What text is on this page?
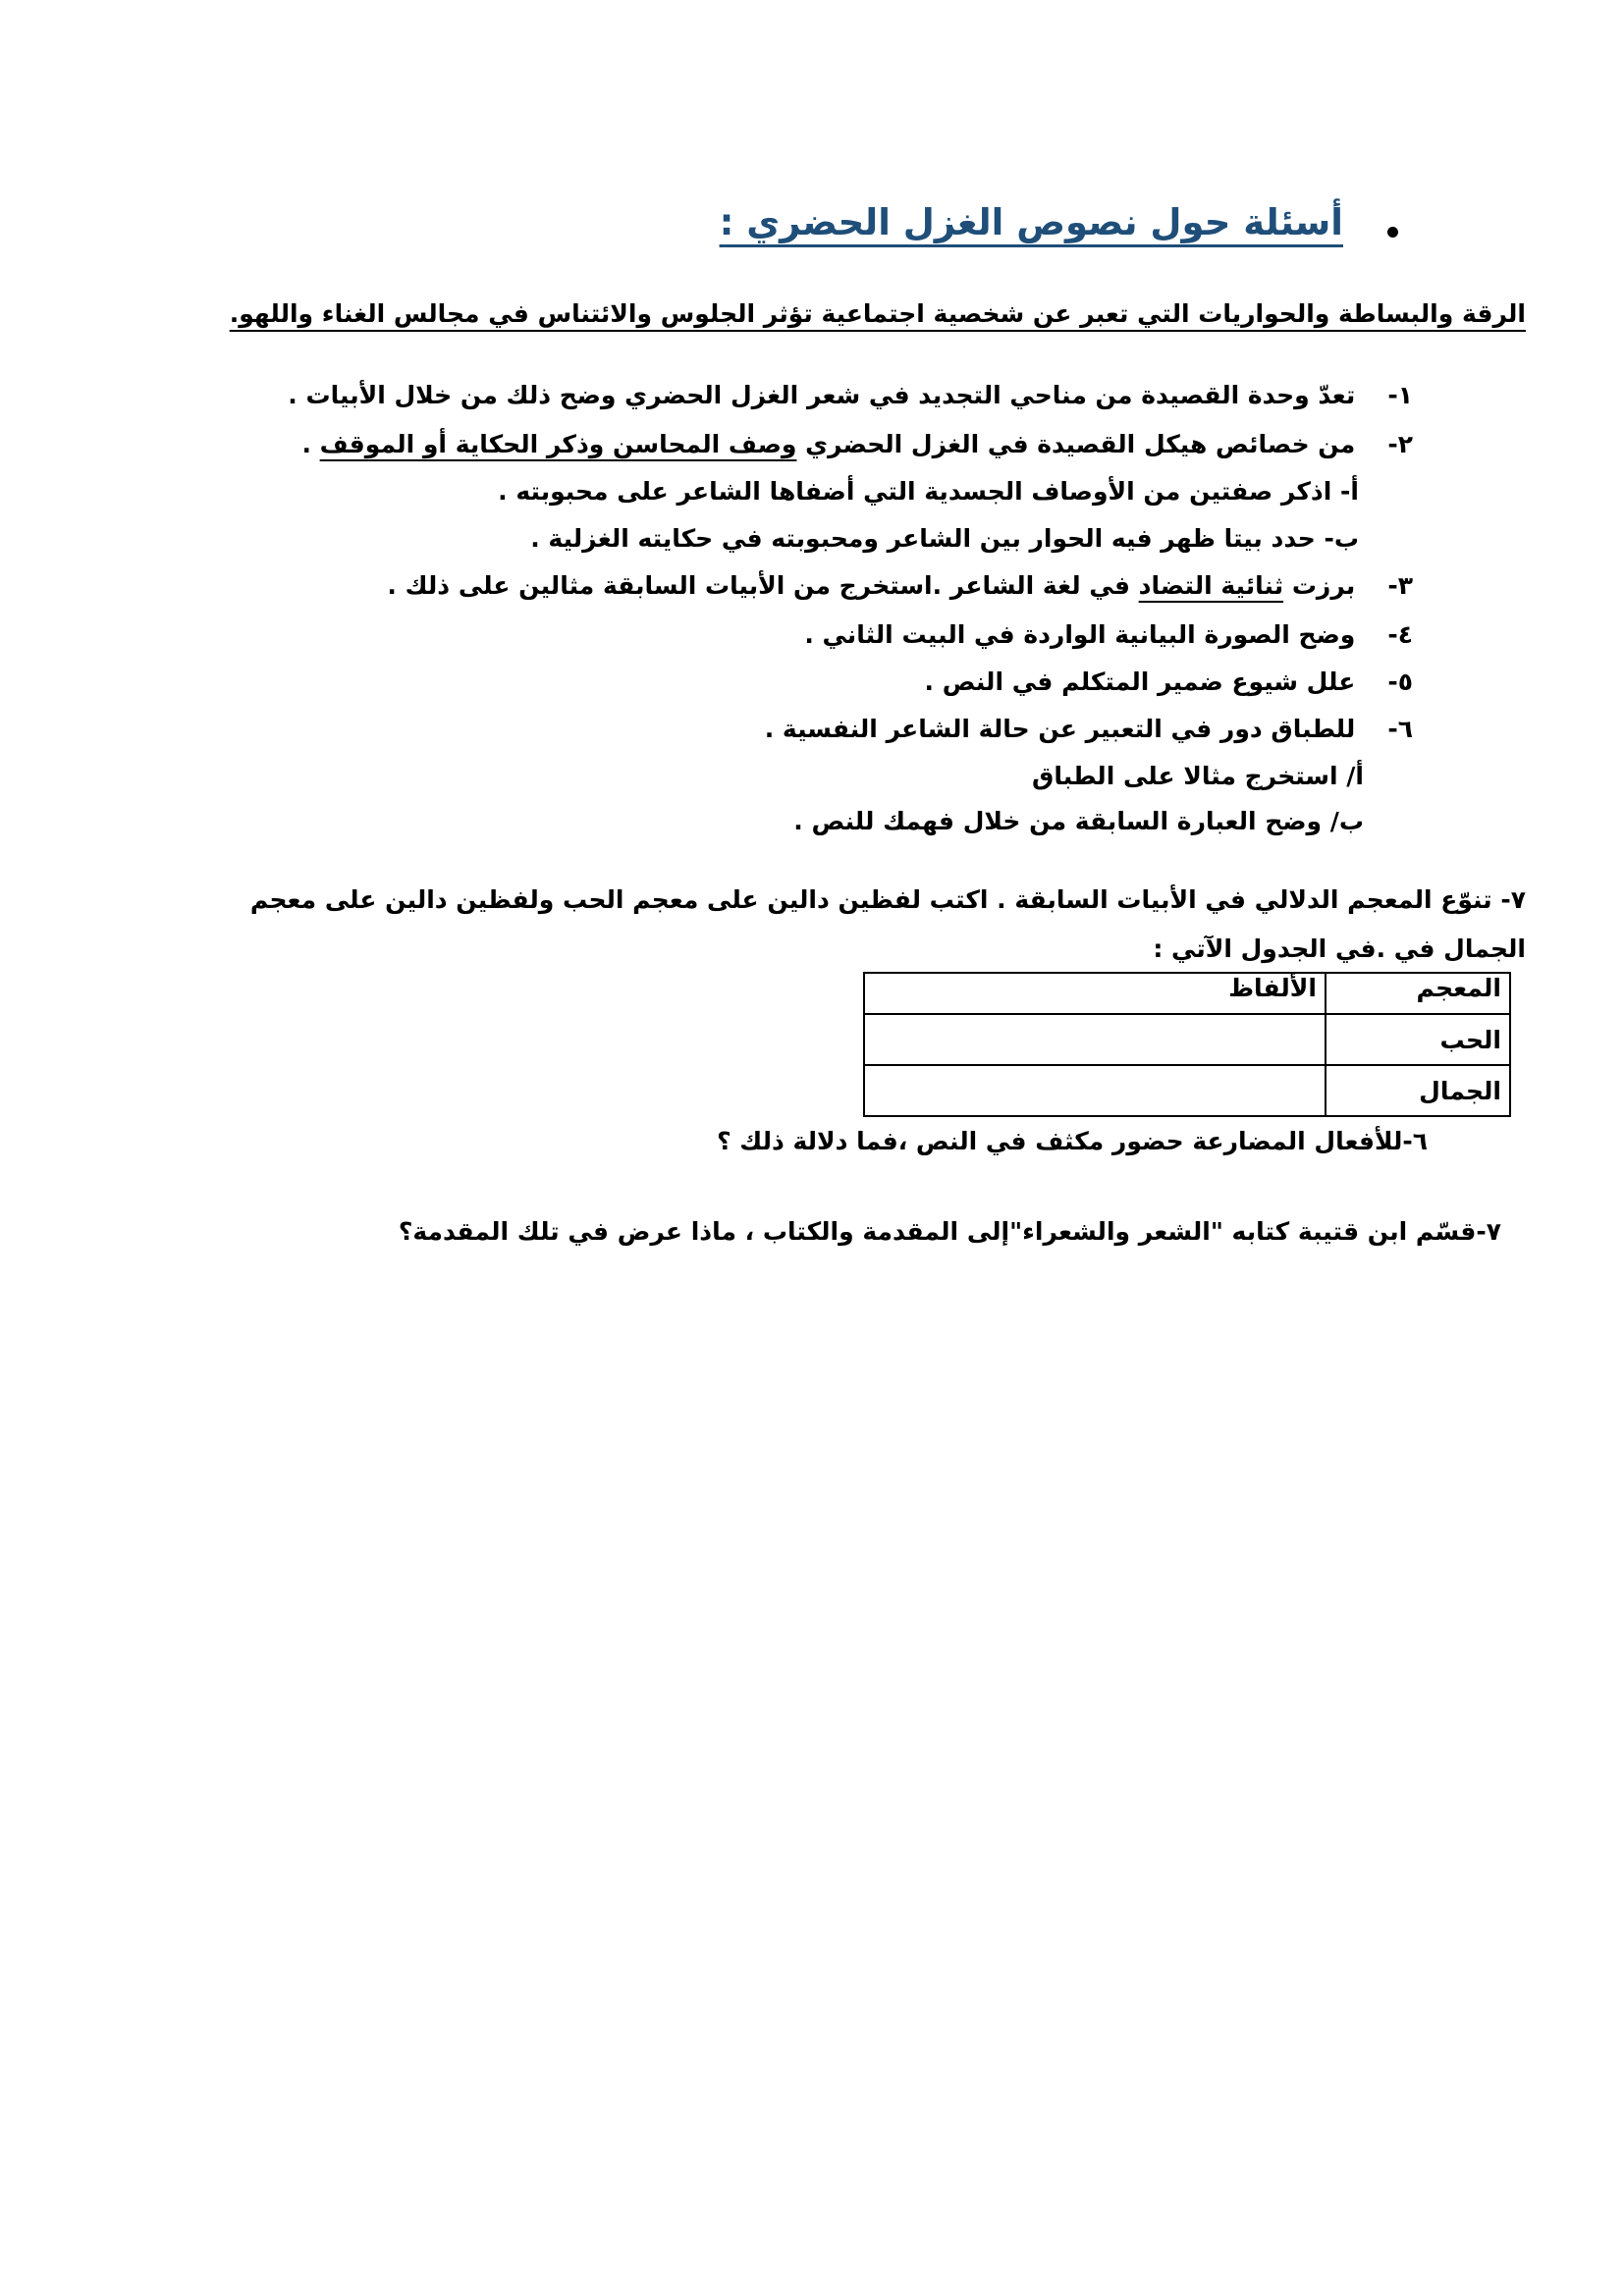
أسئلة حول نصوص الغزل الحضري :
الرقة والبساطة والحواريات التي تعبر عن شخصية اجتماعية تؤثر الجلوس والائتناس في مجالس الغناء واللهو.
١- تعدّ وحدة القصيدة من مناحي التجديد في شعر الغزل الحضري وضح ذلك من خلال الأبيات .
٢- من خصائص هيكل القصيدة في الغزل الحضري وصف المحاسن وذكر الحكاية أو الموقف .
أ- اذكر صفتين من الأوصاف الجسدية التي أضفاها الشاعر على محبوبته .
ب- حدد بيتا ظهر فيه الحوار بين الشاعر ومحبوبته في حكايته الغزلية .
٣- برزت ثنائية التضاد في لغة الشاعر .استخرج من الأبيات السابقة مثالين على ذلك .
٤- وضح الصورة البيانية الواردة في البيت الثاني .
٥- علل شيوع ضمير المتكلم في النص .
٦- للطباق دور في التعبير عن حالة الشاعر النفسية .
أ/ استخرج مثالا على الطباق
ب/ وضح العبارة السابقة من خلال فهمك للنص .
٧- تنوّع المعجم الدلالي في الأبيات السابقة . اكتب لفظين دالين على معجم الحب ولفظين دالين على معجم الجمال في .في الجدول الآتي :
المعجم	الألفاظ
الحب	
الجمال	
٦-للأفعال المضارعة حضور مكثف في النص ،فما دلالة ذلك ؟
٧-قسّم ابن قتيبة كتابه "الشعر والشعراء"إلى المقدمة والكتاب ، ماذا عرض في تلك المقدمة؟
